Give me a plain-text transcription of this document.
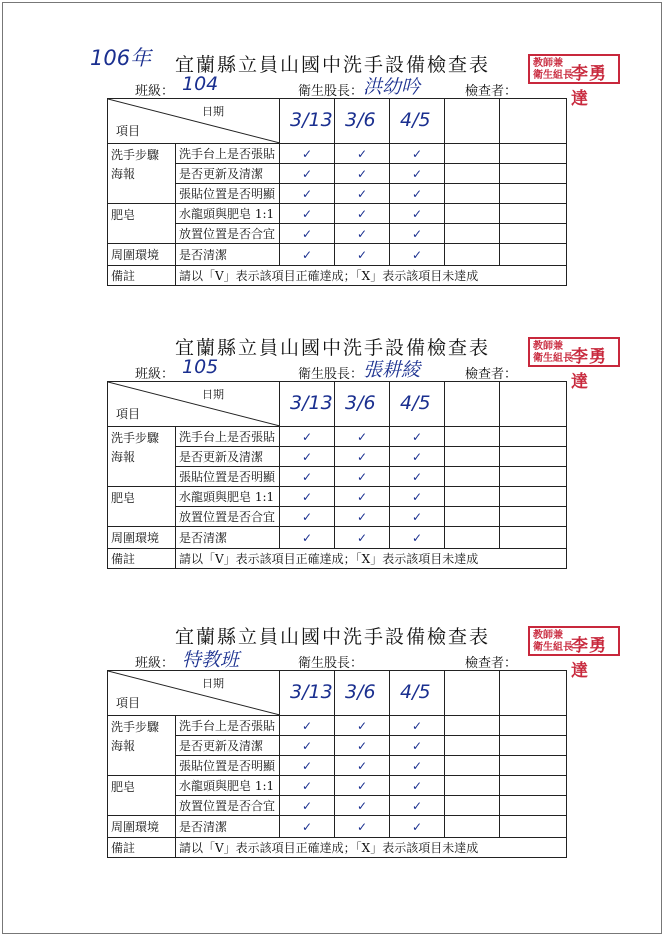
106年 宜蘭縣立員山國中洗手設備檢查表	教師兼
衛生組長
李勇達
班級： 104	衛生股長： 洪幼吟	檢查者：
日期
項目		3/13	3/6	4/5		

洗手步驟
海報	洗手台上是否張貼	✓	✓	✓		
	是否更新及清潔	✓	✓	✓		
	張貼位置是否明顯	✓	✓	✓		

肥皂	水龍頭與肥皂 1:1	✓	✓	✓		
	放置位置是否合宜	✓	✓	✓		

周圍環境	是否清潔	✓	✓	✓		
備註	請以「V」表示該項目正確達成；「X」表示該項目未達成					
宜蘭縣立員山國中洗手設備檢查表	教師兼
衛生組長
李勇達
班級： 105	衛生股長： 張耕綾	檢查者：
日期
項目		3/13	3/6	4/5		

洗手步驟
海報	洗手台上是否張貼	✓	✓	✓		
	是否更新及清潔	✓	✓	✓		
	張貼位置是否明顯	✓	✓	✓		

肥皂	水龍頭與肥皂 1:1	✓	✓	✓		
	放置位置是否合宜	✓	✓	✓		

周圍環境	是否清潔	✓	✓	✓		
備註	請以「V」表示該項目正確達成；「X」表示該項目未達成					
宜蘭縣立員山國中洗手設備檢查表	教師兼
衛生組長
李勇達
班級： 特教班	衛生股長：	檢查者：
日期
項目		3/13	3/6	4/5		

洗手步驟
海報	洗手台上是否張貼	✓	✓	✓		
	是否更新及清潔	✓	✓	✓		
	張貼位置是否明顯	✓	✓	✓		

肥皂	水龍頭與肥皂 1:1	✓	✓	✓		
	放置位置是否合宜	✓	✓	✓		

周圍環境	是否清潔	✓	✓	✓		
備註	請以「V」表示該項目正確達成；「X」表示該項目未達成					
